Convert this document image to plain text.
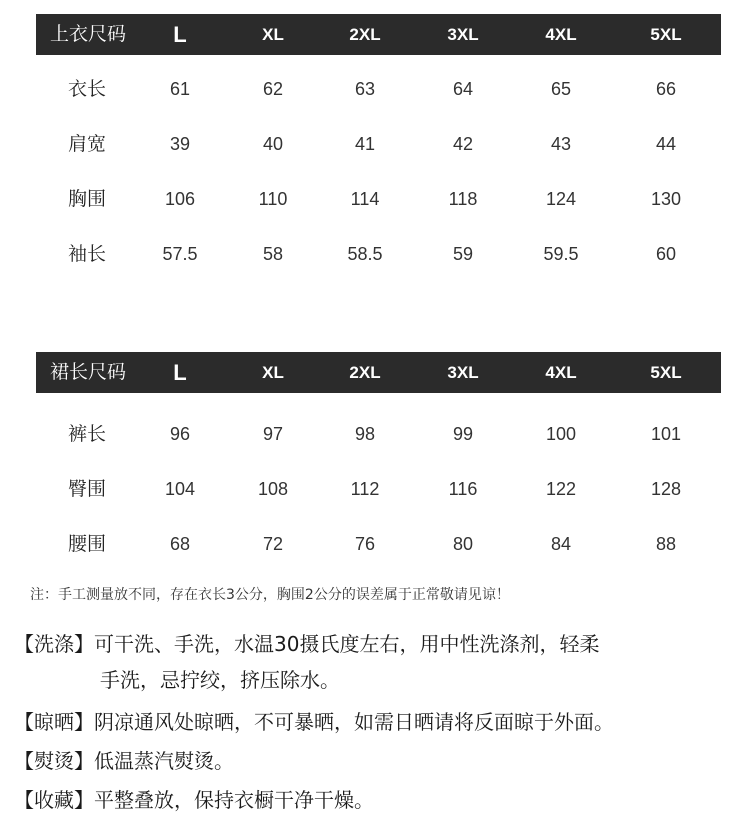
上衣尺码	L	XL	2XL	3XL	4XL	5XL
衣长	61	62	63	64	65	66
肩宽	39	40	41	42	43	44
胸围	106	110	114	118	124	130
袖长	57.5	58	58.5	59	59.5	60
裙长尺码	L	XL	2XL	3XL	4XL	5XL
裤长	96	97	98	99	100	101
臀围	104	108	112	116	122	128
腰围	68	72	76	80	84	88
注：手工测量放不同，存在衣长3公分，胸围2公分的误差属于正常敬请见谅！
【洗涤】可干洗、手洗，水温30摄氏度左右，用中性洗涤剂，轻柔
手洗，忌拧绞，挤压除水。
【晾晒】阴凉通风处晾晒，不可暴晒，如需日晒请将反面晾于外面。
【熨烫】低温蒸汽熨烫。
【收藏】平整叠放，保持衣橱干净干燥。
